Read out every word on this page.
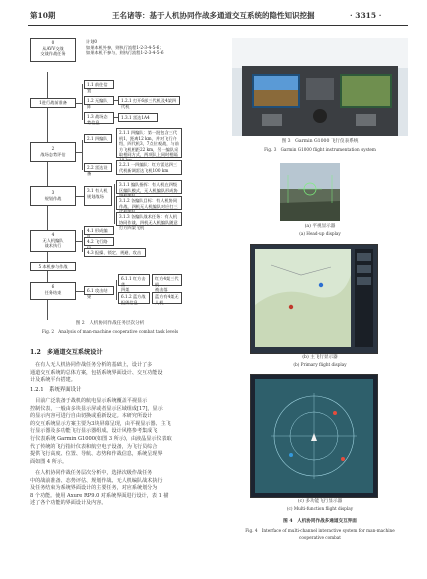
第10期	王名诸等：基于人机协同作战多通道交互系统的隐性知识挖掘	· 3315 ·
0
从AVV交战
交战作战任务
计划0
如果本机外参，则执行流程1-2-3-4-5-6；
如果本机不参与，则执行流程1-2-3-4-5-6
1进行战前准备
1.1 前往信置
1.2 无编队阵
1.3 战场态势信息
1.2.1 打开6部三代机及4架四代机
1.3.1 雷达1A4
2
战场态势评估
2.1 四编队
2.2 雷达设备
2.1.1 四编队：第一批包含三代机1，距离12 km，并对飞行介绍，四代机3，7点位观战，与前方飞机相距22 km，另一编队采取相同方式，两项队上同时相隔
2.2.1 一四编队：红方雷达四三代机新调雷达飞机100 km
3
规划作战
3.1 有人机
规划战场
3.1.1 编队指挥：有人机在四级区编队模式，无人机编队形成协
3.1.2 各编队目标：有人机协同作战，四机无人机编队对应打三
3.1.3 各编队战术任务：有人机协同作战，四机无人机编队随意打方四架飞机
4
无人机编队
战术执行
4.1 形成编
4.2 飞行路
4.3 报操、锁定、规避、攻击
5 本机参与作战
6
任务结束	6.1 攻击结果
6.1.1 红方击落
四架
红方4架三代机
被击落
6.1.2 蓝方战
报毁信息
蓝方有4架无
人机
图 2　人机协同作战任务层次分析
Fig. 2　Analysis of man-machine cooperative combat task levels
1.2　多通道交互系统设计
　在有人无人机协同作战任务分析的基础上，设计了多
通道交互系统的总体方案，包括系统界面设计、交互功能设
计及系统平台搭建。
1.2.1　系统界面设计
　目前广泛装备于战机的航电显示系统覆盖平视显示
控制仪表，一般由多块显示屏或者显示区域组成[17]，显示
的显示内容可进行自由切换或重新设定。本研究所设计
的交互系统显示方案主要为3块屏幕呈现，由平视显示器、主飞
行显示器及多功能飞行显示器组成。设计风格参考集成飞
行仪表系统 Garmin G1000(如图 3 所示)，由液晶显示仪表取
代了传统的飞行指针仪表和航空电子设备，为飞行员综合
提供飞行高度、位置、导航、态势和作战信息，系统呈现界
面如图 4 所示。
　在人机协同作战任务层次分析中，选择次级作战任务
中的战前准备、态势评估、规划作战、无人机编队战术执行
及任务结束为系统界面设计的主要任务，对应系统划分为
8 个功能。使用 Axure RP9.0 对系统界面进行设计，表 1 描
述了各个功能的界面设计及内容。
图 3　Garmin G1000 飞行仪表系统
Fig. 3　Garmin G1000 flight instrumentation system
(a) 平视显示器
(a) Head-up display
(b) 主飞行显示器
(b) Primary flight display
(c) 多功能飞行显示器
(c) Multi-function flight display
图 4　人机协同作战多通道交互界面
Fig. 4　Interface of multi-channel interactive system for man-machine
cooperative combat
